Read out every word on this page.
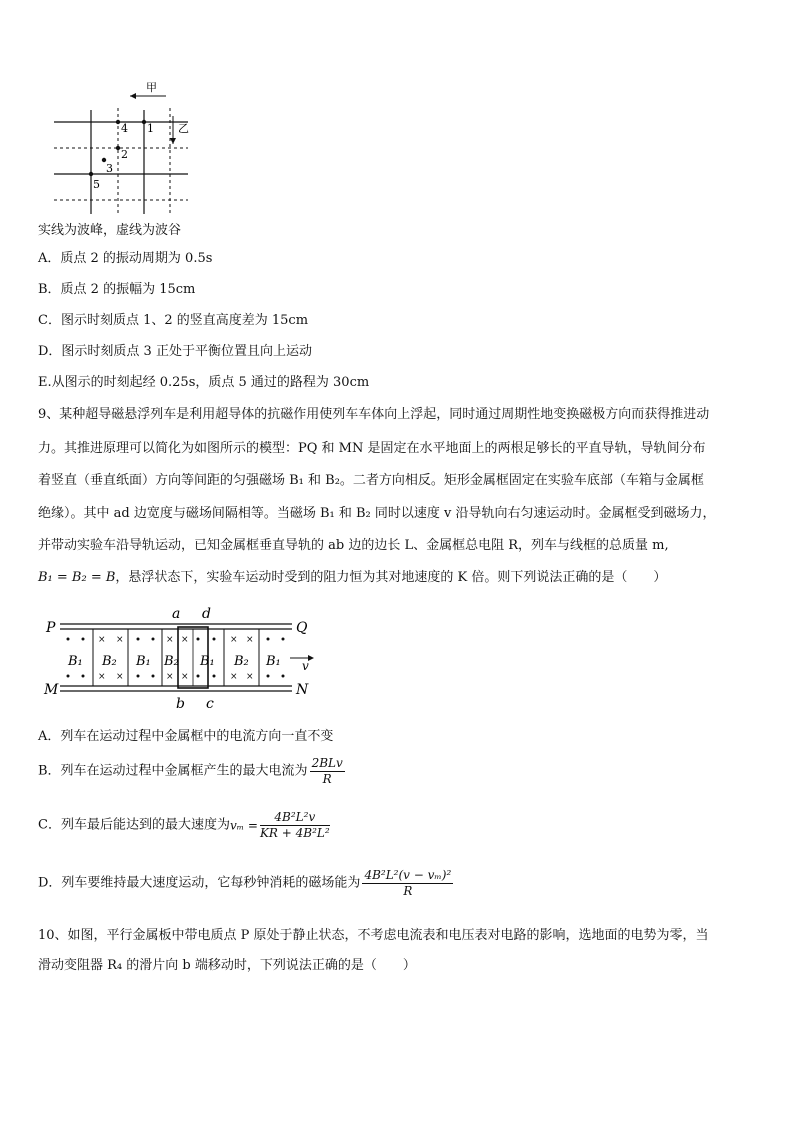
甲
乙
4 1
2
3
5
实线为波峰，虚线为波谷
A．质点 2 的振动周期为 0.5s
B．质点 2 的振幅为 15cm
C．图示时刻质点 1、2 的竖直高度差为 15cm
D．图示时刻质点 3 正处于平衡位置且向上运动
E.从图示的时刻起经 0.25s，质点 5 通过的路程为 30cm
9、某种超导磁悬浮列车是利用超导体的抗磁作用使列车车体向上浮起，同时通过周期性地变换磁极方向而获得推进动
力。其推进原理可以简化为如图所示的模型：PQ 和 MN 是固定在水平地面上的两根足够长的平直导轨，导轨间分布
着竖直（垂直纸面）方向等间距的匀强磁场 B₁ 和 B₂。二者方向相反。矩形金属框固定在实验车底部（车箱与金属框
绝缘）。其中 ad 边宽度与磁场间隔相等。当磁场 B₁ 和 B₂ 同时以速度 v 沿导轨向右匀速运动时。金属框受到磁场力，
并带动实验车沿导轨运动，已知金属框垂直导轨的 ab 边的边长 L、金属框总电阻 R，列车与线框的总质量 m,
B₁ = B₂ = B，悬浮状态下，实验车运动时受到的阻力恒为其对地速度的 K 倍。则下列说法正确的是（　　）
× ×
× ×
× ×
× ×
× ×
× ×
B₁ B₂ B₁ B₂ B₁ B₂ B₁ v
P	Q
M	N
a d
b c
A．列车在运动过程中金属框中的电流方向一直不变
B．列车在运动过程中金属框产生的最大电流为 $\frac{\text{2BLv}}{R}$
C．列车最后能达到的最大速度为$v_m = \frac{\text{4B²L²v}}{\text{KR + 4B²L²}}$
D．列车要维持最大速度运动，它每秒钟消耗的磁场能为 $\frac{\text{4B²L²(v − vₘ)²}}{R}$
10、如图，平行金属板中带电质点 P 原处于静止状态，不考虑电流表和电压表对电路的影响，选地面的电势为零，当
滑动变阻器 R₄ 的滑片向 b 端移动时，下列说法正确的是（　　）
